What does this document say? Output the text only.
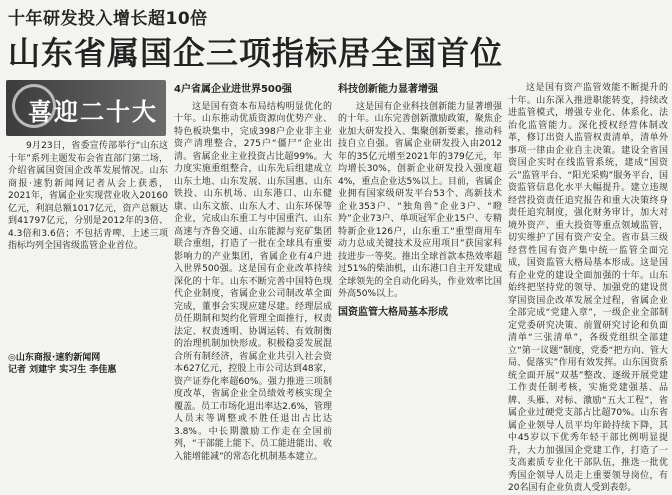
十年研发投入增长超10倍
山东省属国企三项指标居全国首位
喜迎二十大

9月23日，省委宣传部举行“山东这十年”系列主题发布会省直部门第二场，介绍省属国资国企改革发展情况。山东商报·速豹新闻网记者从会上获悉，2021年，省属企业实现营业收入20160亿元，利润总额1017亿元，资产总额达到41797亿元，分别是2012年的3倍、4.3倍和3.6倍；不包括青啤、上述三项指标均列全国省级监管企业首位。

◎山东商报·速豹新闻网
记者 刘建宇 实习生 李佳惠
4户省属企业进世界500强

这是国有资本布局结构明显优化的十年。山东推动优质资源向优势产业、特色板块集中，完成398户企业非主业资产清理整合，275户“僵尸”企业出清。省属企业主业投资占比超99%。大力度实施重组整合，山东先后组建成立山东土地、山东发展、山东国惠、山东铁投、山东机场、山东港口、山东健康、山东文旅、山东人才、山东环保等企业，完成山东重工与中国重汽、山东高速与齐鲁交通、山东能源与兖矿集团联合重组，打造了一批在全球具有重要影响力的产业集团，省属企业有4户进入世界500强。这是国有企业改革持续深化的十年。山东不断完善中国特色现代企业制度，省属企业公司制改革全面完成，董事会实现应建尽建。经理层成员任期制和契约化管理全面推行，权责法定、权责透明、协调运转、有效制衡的治理机制加快形成。积极稳妥发展混合所有制经济，省属企业共引入社会资本627亿元，控股上市公司达到48家，资产证券化率超60%。强力推进三项制度改革，省属企业全员绩效考核实现全覆盖。员工市场化退出率达2.6%，管理人员末等调整或不胜任退出占比达3.8%。中长期激励工作走在全国前列，“干部能上能下、员工能进能出、收入能增能减”的常态化机制基本建立。

科技创新能力显著增强

这是国有企业科技创新能力显著增强的十年。山东完善创新激励政策，聚焦企业加大研发投入、集聚创新要素，推动科技自立自强。省属企业研发投入由2012年的35亿元增至2021年的379亿元，年均增长30%，创新企业研发投入强度超4%，重点企业达5%以上。目前，省属企业拥有国家级研发平台53个、高新技术企业353户、“独角兽”企业3户、“瞪羚”企业73户、单项冠军企业15户、专精特新企业126户，山东重工“重型商用车动力总成关键技术及应用项目”获国家科技进步一等奖。推出全球首款本热效率超过51%的柴油机，山东港口自主开发建成全球领先的全自动化码头，作业效率比国外高50%以上。

国资监管大格局基本形成

这是国有资产监管效能不断提升的十年。山东深入推进职能转变，持续改进监管模式，增强专业化、体系化、法治化监管能力。深化授权经营体制改革，修订出资人监管权责清单，清单外事项一律由企业自主决策。建设全省国资国企实时在线监管系统，建成“国资云”监管平台、“阳光采购”服务平台，国资监管信息化水平大幅提升。建立违规经营投资责任追究报告和重大决策终身责任追究制度，强化财务审计，加大对境外资产、重大投资等重点领域监管，切实维护了国有资产安全。省市县三级经营性国有资产集中统一监管全面完成，国资监管大格局基本形成。这是国有企业党的建设全面加强的十年。山东始终把坚持党的领导、加强党的建设贯穿国资国企改革发展全过程，省属企业全部完成“党建入章”，一级企业全部制定党委研究决策、前置研究讨论和负面清单“三张清单”，各级党组织全部建立“第一议题”制度，党委“把方向、管大局、促落实”作用有效发挥。山东国资系统全面开展“双基”整改、逐级开展党建工作责任制考核，实施党建强基、品牌、头雁、对标、激励“五大工程”，省属企业过硬党支部占比超70%。山东省属企业领导人员平均年龄持续下降，其中45岁以下优秀年轻干部比例明显提升，大力加强国企党建工作，打造了一支高素质专业化干部队伍，推选一批优秀国企领导人员走上重要领导岗位，有20名国有企业负责人受到表彰。
